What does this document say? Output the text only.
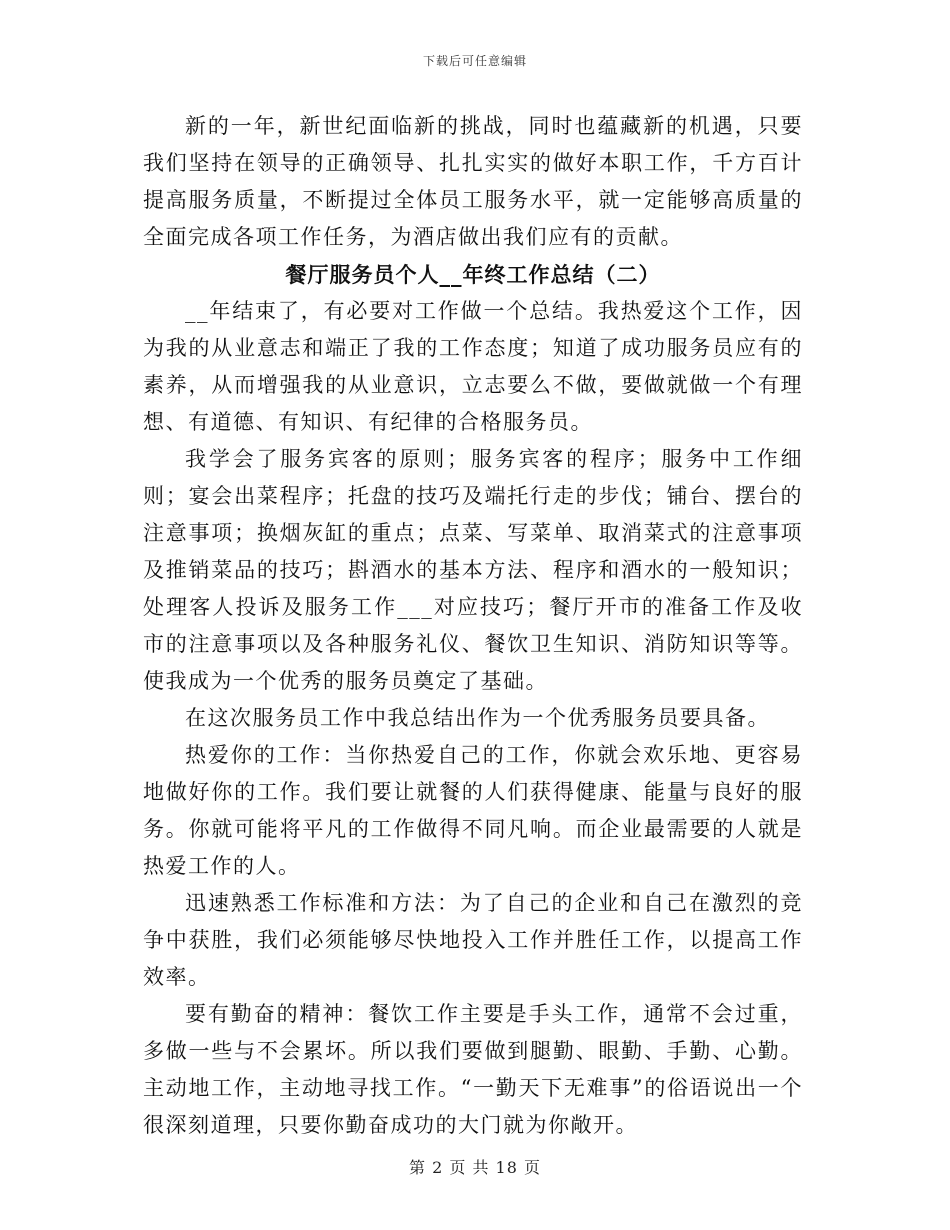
下载后可任意编辑

新的一年，新世纪面临新的挑战，同时也蕴藏新的机遇，只要我们坚持在领导的正确领导、扎扎实实的做好本职工作，千方百计提高服务质量，不断提过全体员工服务水平，就一定能够高质量的全面完成各项工作任务，为酒店做出我们应有的贡献。

餐厅服务员个人__年终工作总结（二）

__年结束了，有必要对工作做一个总结。我热爱这个工作，因为我的从业意志和端正了我的工作态度；知道了成功服务员应有的素养，从而增强我的从业意识，立志要么不做，要做就做一个有理想、有道德、有知识、有纪律的合格服务员。

我学会了服务宾客的原则；服务宾客的程序；服务中工作细则；宴会出菜程序；托盘的技巧及端托行走的步伐；铺台、摆台的注意事项；换烟灰缸的重点；点菜、写菜单、取消菜式的注意事项及推销菜品的技巧；斟酒水的基本方法、程序和酒水的一般知识；处理客人投诉及服务工作___对应技巧；餐厅开市的准备工作及收市的注意事项以及各种服务礼仪、餐饮卫生知识、消防知识等等。使我成为一个优秀的服务员奠定了基础。

在这次服务员工作中我总结出作为一个优秀服务员要具备。

热爱你的工作：当你热爱自己的工作，你就会欢乐地、更容易地做好你的工作。我们要让就餐的人们获得健康、能量与良好的服务。你就可能将平凡的工作做得不同凡响。而企业最需要的人就是热爱工作的人。

迅速熟悉工作标准和方法：为了自己的企业和自己在激烈的竞争中获胜，我们必须能够尽快地投入工作并胜任工作，以提高工作效率。

要有勤奋的精神：餐饮工作主要是手头工作，通常不会过重，多做一些与不会累坏。所以我们要做到腿勤、眼勤、手勤、心勤。主动地工作，主动地寻找工作。“一勤天下无难事”的俗语说出一个很深刻道理，只要你勤奋成功的大门就为你敞开。

第 2 页 共 18 页
